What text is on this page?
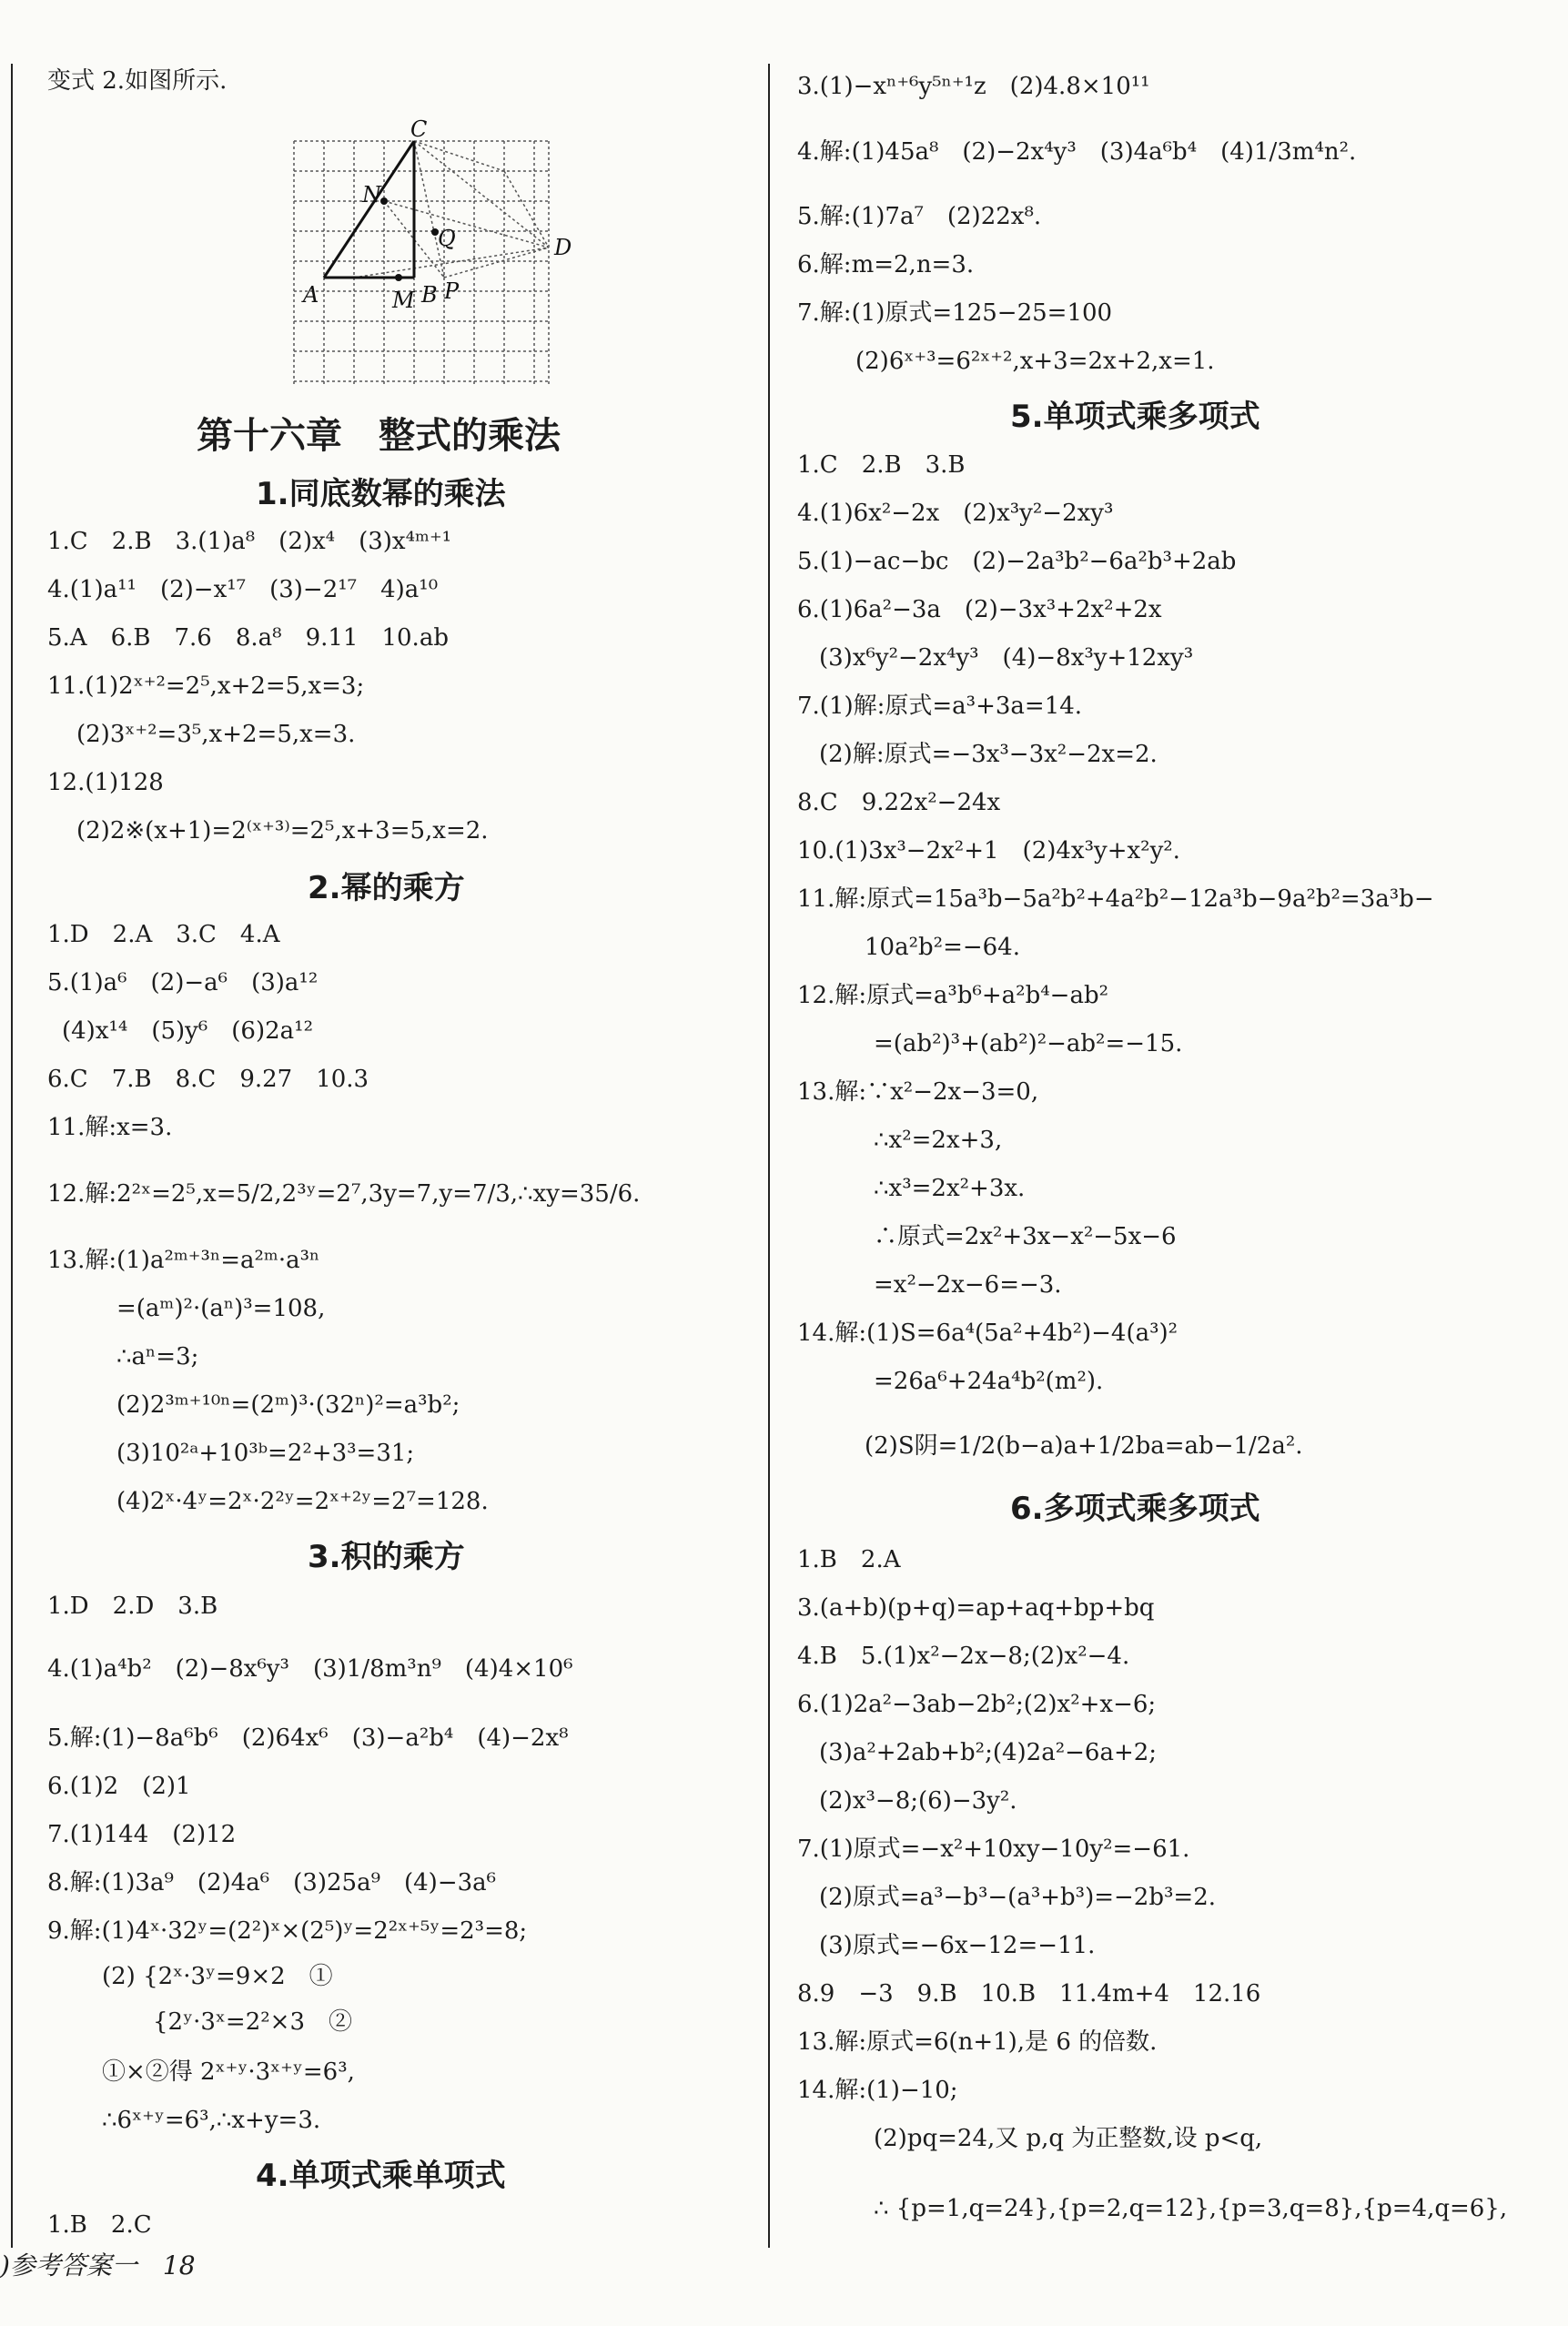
变式 2.如图所示.
C
N
Q	D
A	M B P
第十六章　整式的乘法
1.同底数幂的乘法
1.C　2.B　3.(1)a⁸　(2)x⁴　(3)x⁴ᵐ⁺¹
4.(1)a¹¹　(2)−x¹⁷　(3)−2¹⁷　4)a¹⁰
5.A　6.B　7.6　8.a⁸　9.11　10.ab
11.(1)2ˣ⁺²=2⁵,x+2=5,x=3;
(2)3ˣ⁺²=3⁵,x+2=5,x=3.
12.(1)128
(2)2※(x+1)=2⁽ˣ⁺³⁾=2⁵,x+3=5,x=2.
2.幂的乘方
1.D　2.A　3.C　4.A
5.(1)a⁶　(2)−a⁶　(3)a¹²
(4)x¹⁴　(5)y⁶　(6)2a¹²
6.C　7.B　8.C　9.27　10.3
11.解:x=3.
12.解:2²ˣ=2⁵,x=5/2,2³ʸ=2⁷,3y=7,y=7/3,∴xy=35/6.
13.解:(1)a²ᵐ⁺³ⁿ=a²ᵐ·a³ⁿ
=(aᵐ)²·(aⁿ)³=108,
∴aⁿ=3;
(2)2³ᵐ⁺¹⁰ⁿ=(2ᵐ)³·(32ⁿ)²=a³b²;
(3)10²ᵃ+10³ᵇ=2²+3³=31;
(4)2ˣ·4ʸ=2ˣ·2²ʸ=2ˣ⁺²ʸ=2⁷=128.
3.积的乘方
1.D　2.D　3.B
4.(1)a⁴b²　(2)−8x⁶y³　(3)1/8m³n⁹　(4)4×10⁶
5.解:(1)−8a⁶b⁶　(2)64x⁶　(3)−a²b⁴　(4)−2x⁸
6.(1)2　(2)1
7.(1)144　(2)12
8.解:(1)3a⁹　(2)4a⁶　(3)25a⁹　(4)−3a⁶
9.解:(1)4ˣ·32ʸ=(2²)ˣ×(2⁵)ʸ=2²ˣ⁺⁵ʸ=2³=8;
(2) {2ˣ·3ʸ=9×2　①
{2ʸ·3ˣ=2²×3　②
①×②得 2ˣ⁺ʸ·3ˣ⁺ʸ=6³,
∴6ˣ⁺ʸ=6³,∴x+y=3.
4.单项式乘单项式
1.B　2.C
3.(1)−xⁿ⁺⁶y⁵ⁿ⁺¹z　(2)4.8×10¹¹
4.解:(1)45a⁸　(2)−2x⁴y³　(3)4a⁶b⁴　(4)1/3m⁴n².
5.解:(1)7a⁷　(2)22x⁸.
6.解:m=2,n=3.
7.解:(1)原式=125−25=100
(2)6ˣ⁺³=6²ˣ⁺²,x+3=2x+2,x=1.
5.单项式乘多项式
1.C　2.B　3.B
4.(1)6x²−2x　(2)x³y²−2xy³
5.(1)−ac−bc　(2)−2a³b²−6a²b³+2ab
6.(1)6a²−3a　(2)−3x³+2x²+2x
(3)x⁶y²−2x⁴y³　(4)−8x³y+12xy³
7.(1)解:原式=a³+3a=14.
(2)解:原式=−3x³−3x²−2x=2.
8.C　9.22x²−24x
10.(1)3x³−2x²+1　(2)4x³y+x²y².
11.解:原式=15a³b−5a²b²+4a²b²−12a³b−9a²b²=3a³b−
10a²b²=−64.
12.解:原式=a³b⁶+a²b⁴−ab²
=(ab²)³+(ab²)²−ab²=−15.
13.解:∵x²−2x−3=0,
∴x²=2x+3,
∴x³=2x²+3x.
∴原式=2x²+3x−x²−5x−6
=x²−2x−6=−3.
14.解:(1)S=6a⁴(5a²+4b²)−4(a³)²
=26a⁶+24a⁴b²(m²).
(2)S阴=1/2(b−a)a+1/2ba=ab−1/2a².
6.多项式乘多项式
1.B　2.A
3.(a+b)(p+q)=ap+aq+bp+bq
4.B　5.(1)x²−2x−8;(2)x²−4.
6.(1)2a²−3ab−2b²;(2)x²+x−6;
(3)a²+2ab+b²;(4)2a²−6a+2;
(2)x³−8;(6)−3y².
7.(1)原式=−x²+10xy−10y²=−61.
(2)原式=a³−b³−(a³+b³)=−2b³=2.
(3)原式=−6x−12=−11.
8.9　−3　9.B　10.B　11.4m+4　12.16
13.解:原式=6(n+1),是 6 的倍数.
14.解:(1)−10;
(2)pq=24,又 p,q 为正整数,设 p<q,
∴ {p=1,q=24},{p=2,q=12},{p=3,q=8},{p=4,q=6},
)参考答案一　18
